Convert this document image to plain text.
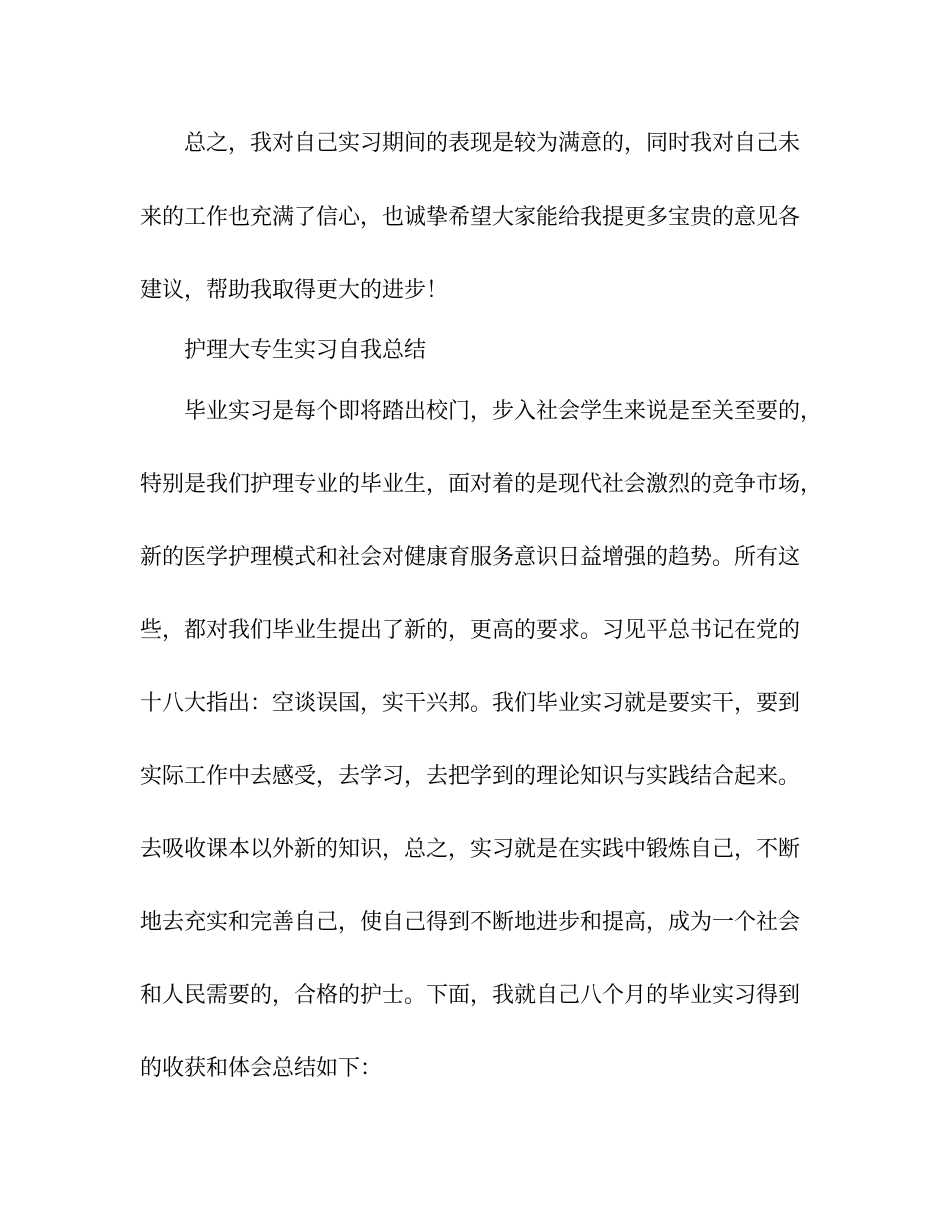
总之，我对自己实习期间的表现是较为满意的，同时我对自己未
来的工作也充满了信心，也诚挚希望大家能给我提更多宝贵的意见各
建议，帮助我取得更大的进步！
护理大专生实习自我总结
毕业实习是每个即将踏出校门，步入社会学生来说是至关至要的，
特别是我们护理专业的毕业生，面对着的是现代社会激烈的竞争市场，
新的医学护理模式和社会对健康育服务意识日益增强的趋势。所有这
些，都对我们毕业生提出了新的，更高的要求。习见平总书记在党的
十八大指出：空谈误国，实干兴邦。我们毕业实习就是要实干，要到
实际工作中去感受，去学习，去把学到的理论知识与实践结合起来。
去吸收课本以外新的知识，总之，实习就是在实践中锻炼自己，不断
地去充实和完善自己，使自己得到不断地进步和提高，成为一个社会
和人民需要的，合格的护士。下面，我就自己八个月的毕业实习得到
的收获和体会总结如下：
